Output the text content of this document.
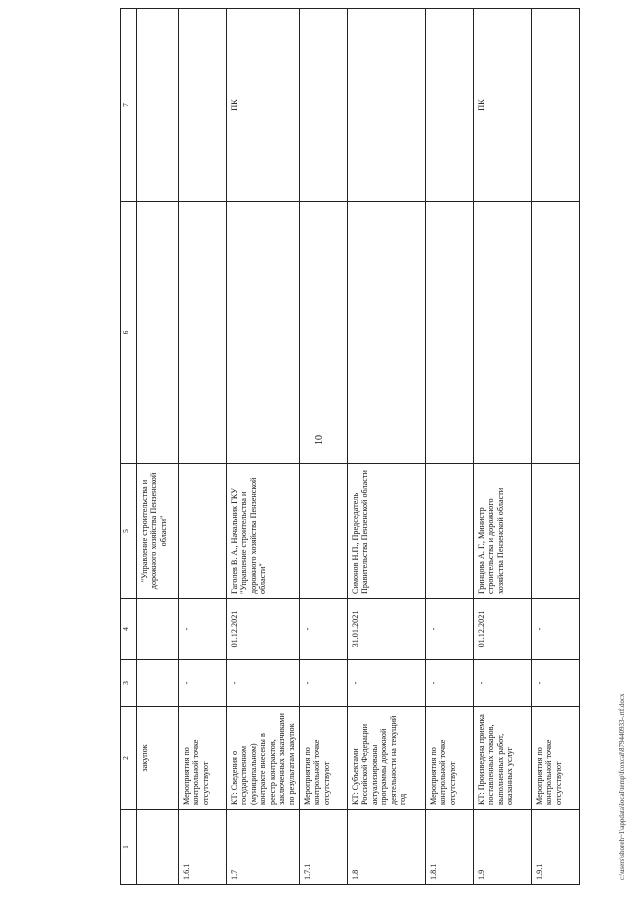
10
1	2	3	4	5	6	7
	закупок			"Управление строительства и дорожного хозяйства Пензенской области"		
1.6.1	Мероприятия по контрольной точке отсутствуют	-	-			
1.7	КТ: Сведения о государственном (муниципальном) контракте внесены в реестр контрактов, заключенных заказчиками по результатам закупок	-	01.12.2021	Гаголев В. А., Начальник ГКУ "Управление строительства и дорожного хозяйства Пензенской области"		ПК
1.7.1	Мероприятия по контрольной точке отсутствуют	-	-			
1.8	КТ: Субъектами Российской Федерации актуализированы программы дорожной деятельности на текущий год	-	31.01.2021	Симонов Н.П., Председатель Правительства Пензенской области		
1.8.1	Мероприятия по контрольной точке отсутствуют	-	-			
1.9	КТ: Произведена приемка поставленных товаров, выполненных работ, оказанных услуг	-	01.12.2021	Гринцова А. Г., Министр строительства и дорожного хозяйства Пензенской области		ПК
1.9.1	Мероприятия по контрольной точке отсутствуют	-	-			
c:\users\shoreh~1\appdata\local\temp\fcoxcal\879440933-.rtf.docx
